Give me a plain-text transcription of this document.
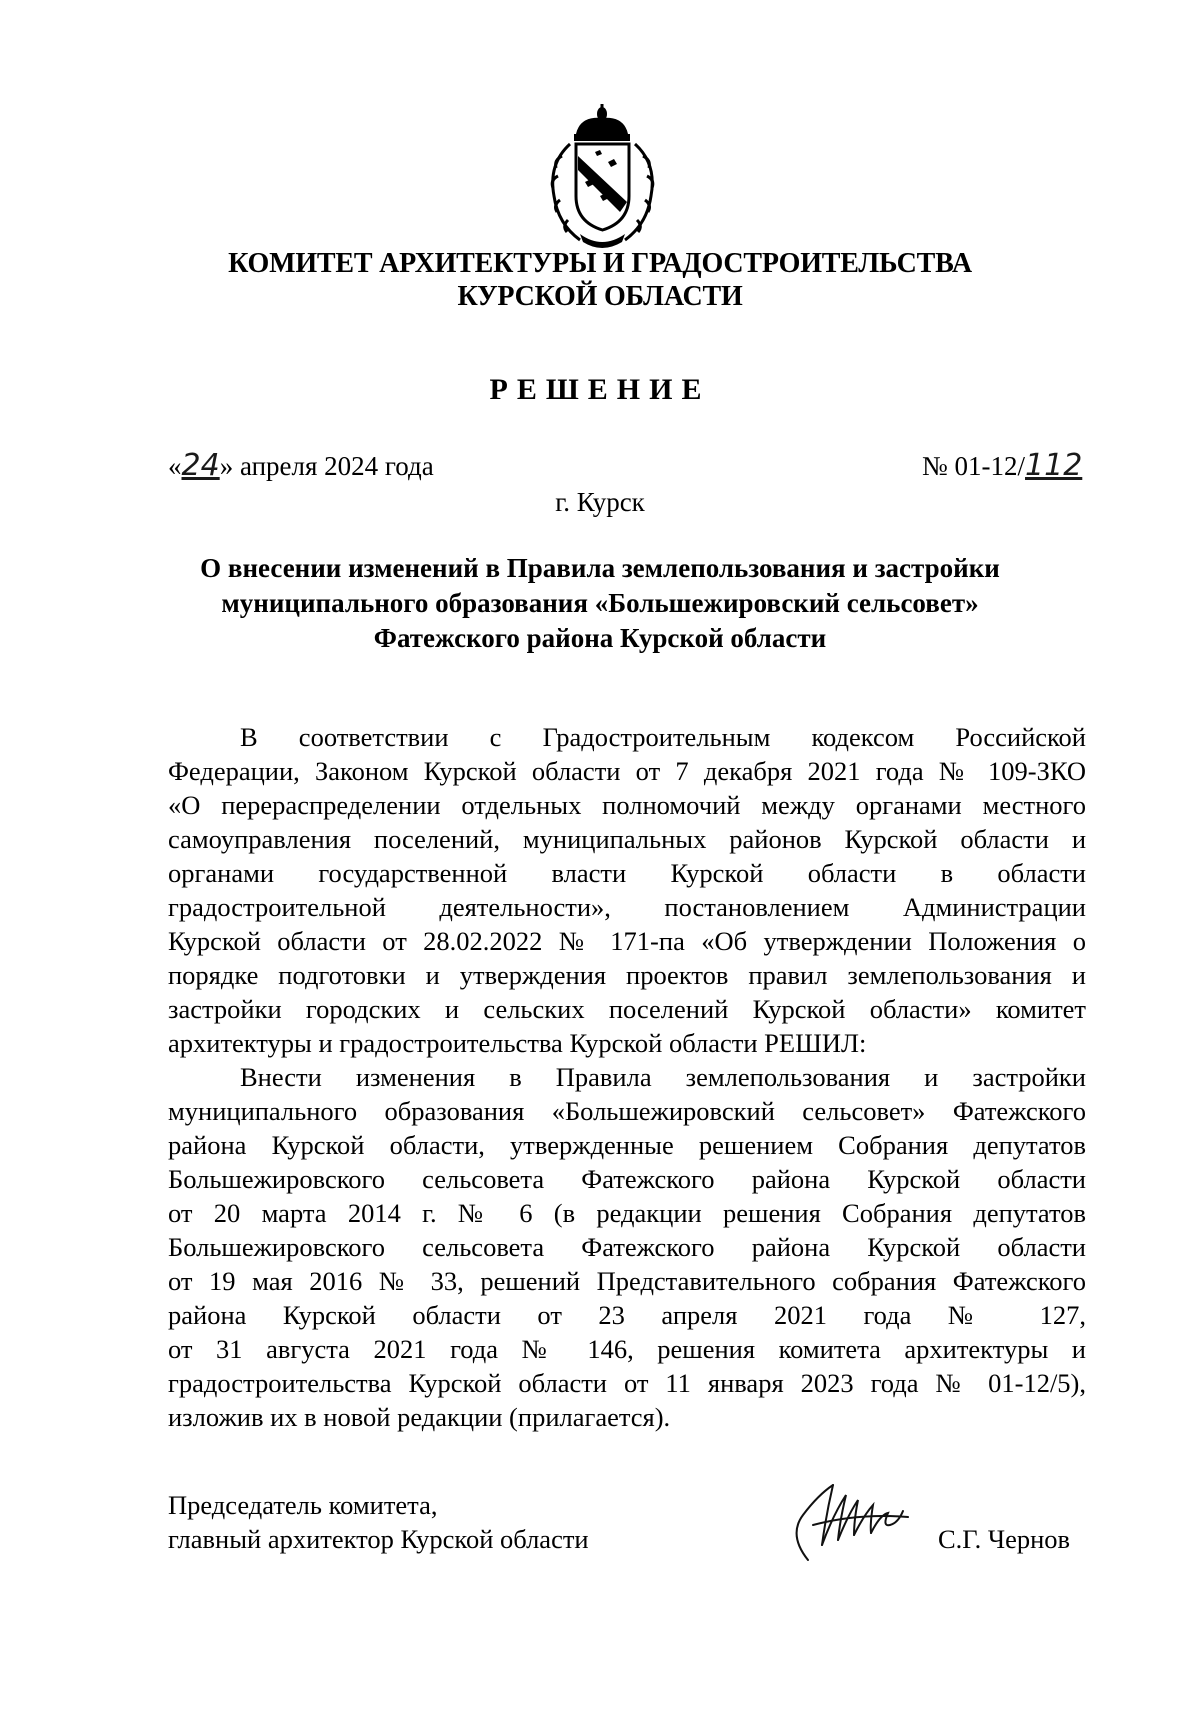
КОМИТЕТ АРХИТЕКТУРЫ И ГРАДОСТРОИТЕЛЬСТВА
КУРСКОЙ ОБЛАСТИ
РЕШЕНИЕ
«24» апреля 2024 года	№ 01-12/112
г. Курск
О внесении изменений в Правила землепользования и застройки
муниципального образования «Большежировский сельсовет»
Фатежского района Курской области
В соответствии с Градостроительным кодексом Российской
Федерации, Законом Курской области от 7 декабря 2021 года № 109-ЗКО
«О перераспределении отдельных полномочий между органами местного
самоуправления поселений, муниципальных районов Курской области и
органами государственной власти Курской области в области
градостроительной деятельности», постановлением Администрации
Курской области от 28.02.2022 № 171-па «Об утверждении Положения о
порядке подготовки и утверждения проектов правил землепользования и
застройки городских и сельских поселений Курской области» комитет
архитектуры и градостроительства Курской области РЕШИЛ:
Внести изменения в Правила землепользования и застройки
муниципального образования «Большежировский сельсовет» Фатежского
района Курской области, утвержденные решением Собрания депутатов
Большежировского сельсовета Фатежского района Курской области
от 20 марта 2014 г. № 6 (в редакции решения Собрания депутатов
Большежировского сельсовета Фатежского района Курской области
от 19 мая 2016 № 33, решений Представительного собрания Фатежского
района Курской области от 23 апреля 2021 года № 127,
от 31 августа 2021 года № 146, решения комитета архитектуры и
градостроительства Курской области от 11 января 2023 года № 01-12/5),
изложив их в новой редакции (прилагается).
Председатель комитета,
главный архитектор Курской области	С.Г. Чернов
